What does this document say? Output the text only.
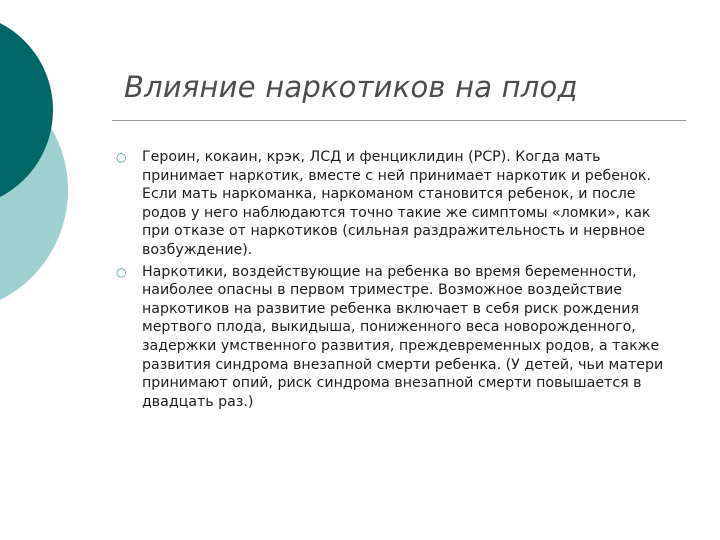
Влияние наркотиков на плод
○ Героин, кокаин, крэк, ЛСД и фенциклидин (PCP). Когда мать принимает наркотик, вместе с ней принимает наркотик и ребенок. Если мать наркоманка, наркоманом становится ребенок, и после родов у него наблюдаются точно такие же симптомы «ломки», как при отказе от наркотиков (сильная раздражительность и нервное возбуждение).
○ Наркотики, воздействующие на ребенка во время беременности, наиболее опасны в первом триместре. Возможное воздействие наркотиков на развитие ребенка включает в себя риск рождения мертвого плода, выкидыша, пониженного веса новорожденного, задержки умственного развития, преждевременных родов, а также развития синдрома внезапной смерти ребенка. (У детей, чьи матери принимают опий, риск синдрома внезапной смерти повышается в двадцать раз.)
